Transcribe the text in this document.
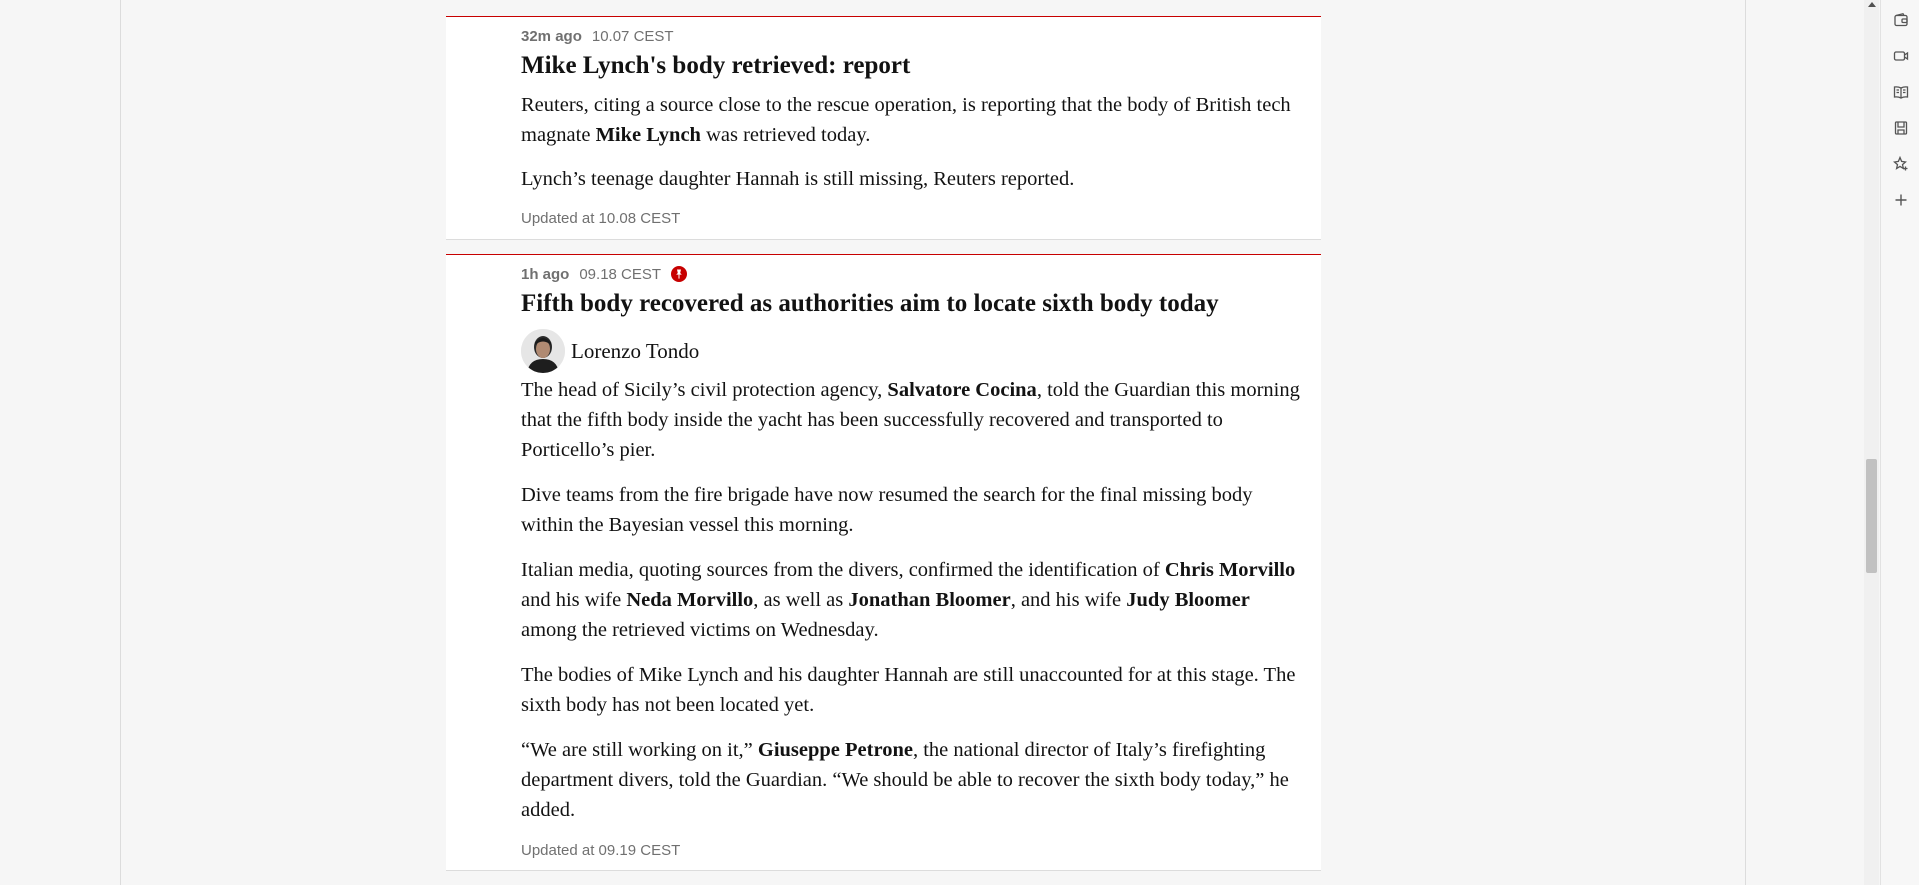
32m ago 10.07 CEST
Mike Lynch's body retrieved: report

Reuters, citing a source close to the rescue operation, is reporting that the body of British tech magnate Mike Lynch was retrieved today.

Lynch’s teenage daughter Hannah is still missing, Reuters reported.

Updated at 10.08 CEST
1h ago 09.18 CEST
Fifth body recovered as authorities aim to locate sixth body today
Lorenzo Tondo

The head of Sicily’s civil protection agency, Salvatore Cocina, told the Guardian this morning that the fifth body inside the yacht has been successfully recovered and transported to Porticello’s pier.

Dive teams from the fire brigade have now resumed the search for the final missing body within the Bayesian vessel this morning.

Italian media, quoting sources from the divers, confirmed the identification of Chris Morvillo and his wife Neda Morvillo, as well as Jonathan Bloomer, and his wife Judy Bloomer among the retrieved victims on Wednesday.

The bodies of Mike Lynch and his daughter Hannah are still unaccounted for at this stage. The sixth body has not been located yet.

“We are still working on it,” Giuseppe Petrone, the national director of Italy’s firefighting department divers, told the Guardian. “We should be able to recover the sixth body today,” he added.

Updated at 09.19 CEST
